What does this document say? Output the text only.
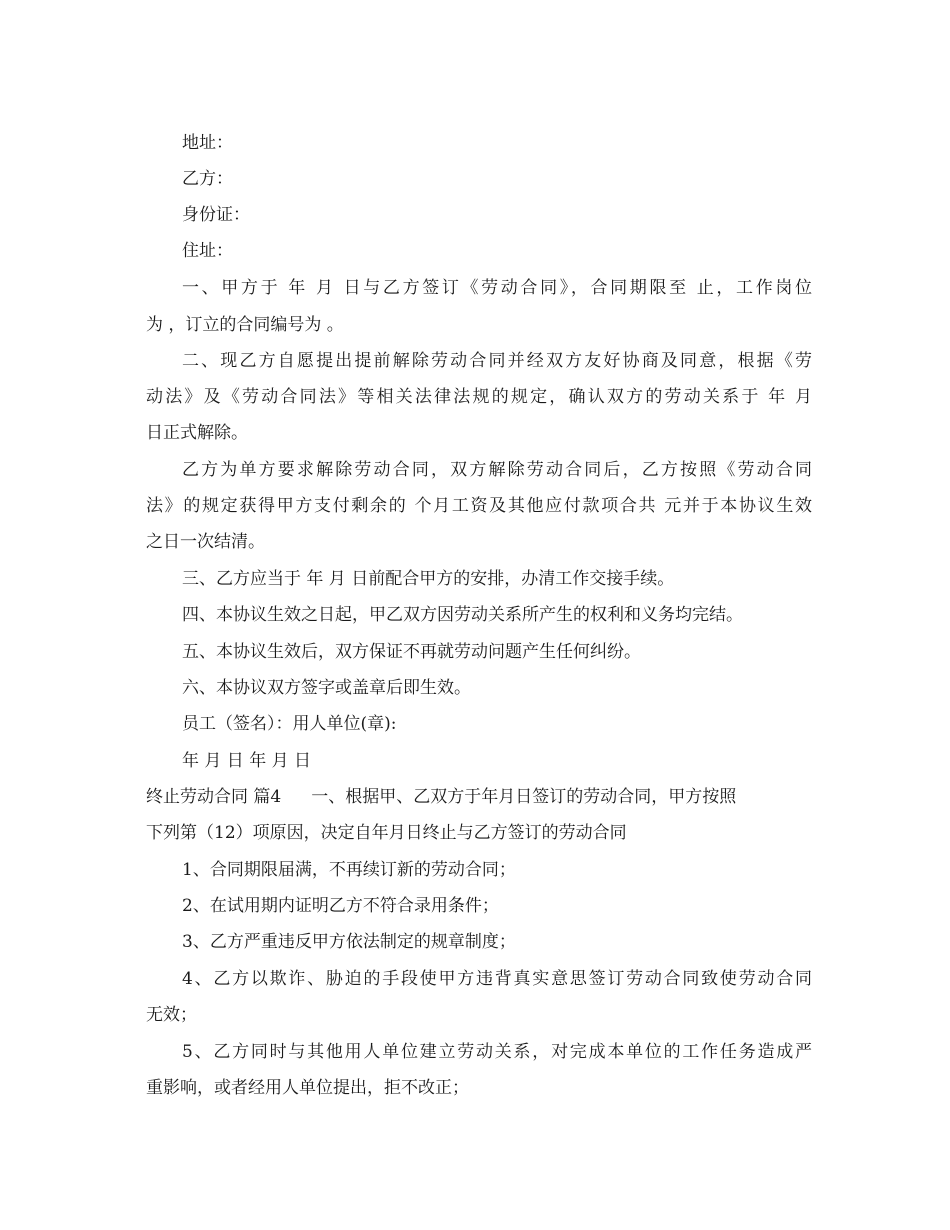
地址：
乙方：
身份证：
住址：
一、甲方于 年 月 日与乙方签订《劳动合同》，合同期限至 止，工作岗位
为 ，订立的合同编号为 。
二、现乙方自愿提出提前解除劳动合同并经双方友好协商及同意，根据《劳
动法》及《劳动合同法》等相关法律法规的规定，确认双方的劳动关系于 年 月
日正式解除。
乙方为单方要求解除劳动合同，双方解除劳动合同后，乙方按照《劳动合同
法》的规定获得甲方支付剩余的 个月工资及其他应付款项合共 元并于本协议生效
之日一次结清。
三、乙方应当于 年 月 日前配合甲方的安排，办清工作交接手续。
四、本协议生效之日起，甲乙双方因劳动关系所产生的权利和义务均完结。
五、本协议生效后，双方保证不再就劳动问题产生任何纠纷。
六、本协议双方签字或盖章后即生效。
员工（签名）：用人单位(章):
年 月 日 年 月 日
终止劳动合同 篇4 一、根据甲、乙双方于年月日签订的劳动合同，甲方按照
下列第（12）项原因，决定自年月日终止与乙方签订的劳动合同
1、合同期限届满，不再续订新的劳动合同；
2、在试用期内证明乙方不符合录用条件；
3、乙方严重违反甲方依法制定的规章制度；
4、乙方以欺诈、胁迫的手段使甲方违背真实意思签订劳动合同致使劳动合同
无效；
5、乙方同时与其他用人单位建立劳动关系，对完成本单位的工作任务造成严
重影响，或者经用人单位提出，拒不改正；
